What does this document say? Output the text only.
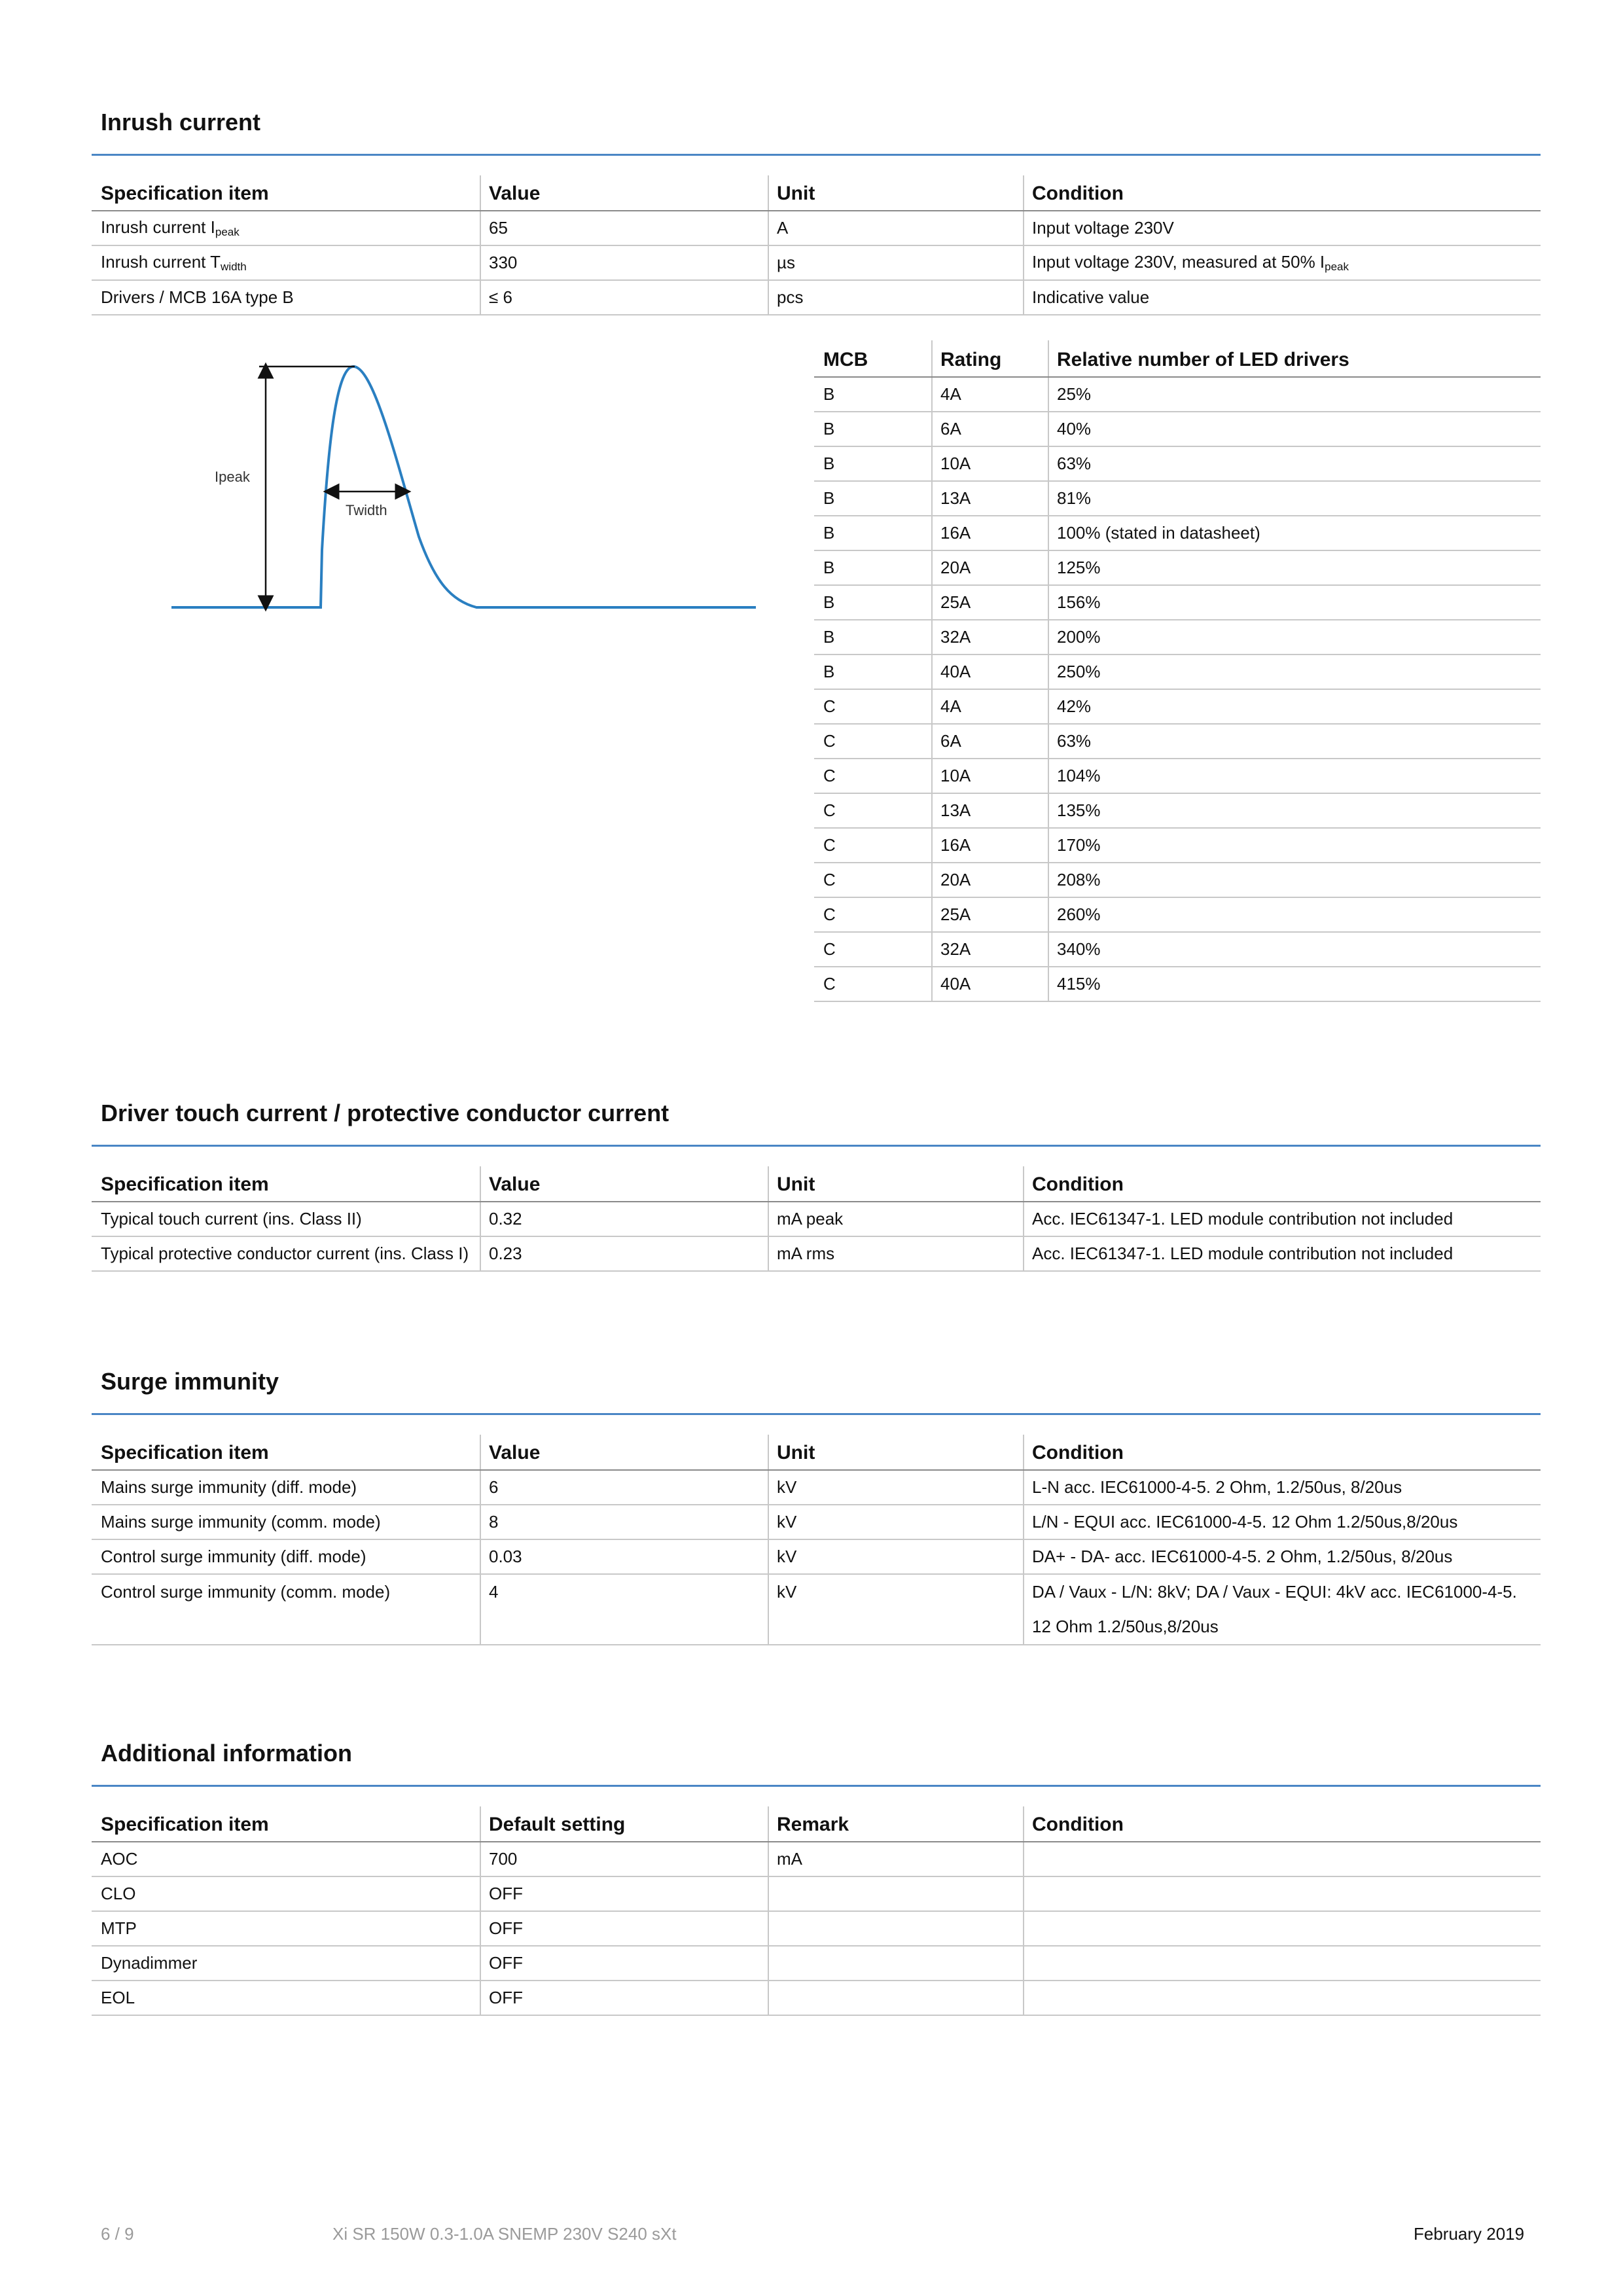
Inrush current
Specification item	Value	Unit	Condition
Inrush current $I_{peak}$	65	A	Input voltage 230V
Inrush current $T_{width}$	330	µs	Input voltage 230V, measured at 50% $I_{peak}$
Drivers / MCB 16A type B	≤ 6	pcs	Indicative value
Ipeak
Twidth
MCB	Rating	Relative number of LED drivers
B	4A	25%
B	6A	40%
B	10A	63%
B	13A	81%
B	16A	100% (stated in datasheet)
B	20A	125%
B	25A	156%
B	32A	200%
B	40A	250%
C	4A	42%
C	6A	63%
C	10A	104%
C	13A	135%
C	16A	170%
C	20A	208%
C	25A	260%
C	32A	340%
C	40A	415%
Driver touch current / protective conductor current
Specification item	Value	Unit	Condition
Typical touch current (ins. Class II)	0.32	mA peak	Acc. IEC61347-1. LED module contribution not included
Typical protective conductor current (ins. Class I)	0.23	mA rms	Acc. IEC61347-1. LED module contribution not included
Surge immunity
Specification item	Value	Unit	Condition
Mains surge immunity (diff. mode)	6	kV	L-N acc. IEC61000-4-5. 2 Ohm, 1.2/50us, 8/20us
Mains surge immunity (comm. mode)	8	kV	L/N - EQUI acc. IEC61000-4-5. 12 Ohm 1.2/50us,8/20us
Control surge immunity (diff. mode)	0.03	kV	DA+ - DA- acc. IEC61000-4-5. 2 Ohm, 1.2/50us, 8/20us
Control surge immunity (comm. mode)	4	kV	DA / Vaux - L/N: 8kV; DA / Vaux - EQUI: 4kV acc. IEC61000-4-5. 12 Ohm 1.2/50us,8/20us
Additional information
Specification item	Default setting	Remark	Condition
AOC	700	mA	
CLO	OFF		
MTP	OFF		
Dynadimmer	OFF		
EOL	OFF		
6 / 9	Xi SR 150W 0.3-1.0A SNEMP 230V S240 sXt	February 2019
